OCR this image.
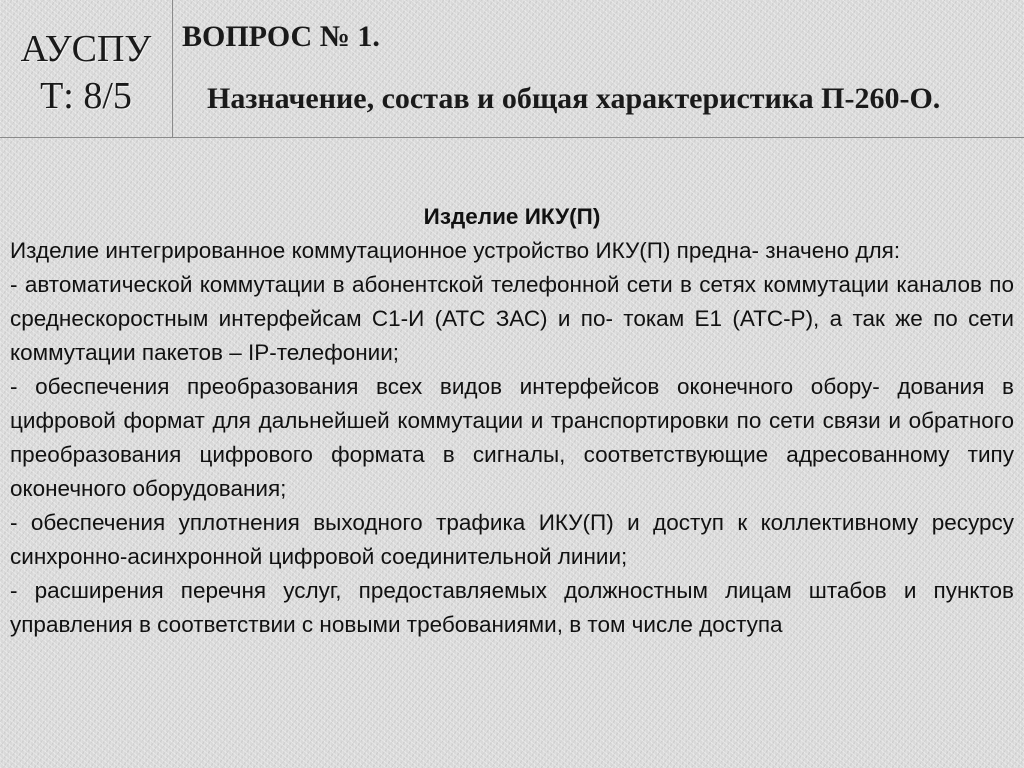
АУСПУ
Т: 8/5
ВОПРОС № 1.
Назначение, состав и общая характеристика П-260-О.
Изделие ИКУ(П)

Изделие интегрированное коммутационное устройство ИКУ(П) предна- значено для:

- автоматической коммутации в абонентской телефонной сети в сетях коммутации каналов по среднескоростным интерфейсам С1-И (АТС ЗАС) и по- токам Е1 (АТС-Р), а так же по сети коммутации пакетов – IP-телефонии;

- обеспечения преобразования всех видов интерфейсов оконечного обору- дования в цифровой формат для дальнейшей коммутации и транспортировки по сети связи и обратного преобразования цифрового формата в сигналы, соответствующие адресованному типу оконечного оборудования;

- обеспечения уплотнения выходного трафика ИКУ(П) и доступ к коллективному ресурсу синхронно-асинхронной цифровой соединительной линии;

- расширения перечня услуг, предоставляемых должностным лицам штабов и пунктов управления в соответствии с новыми требованиями, в том числе доступа
